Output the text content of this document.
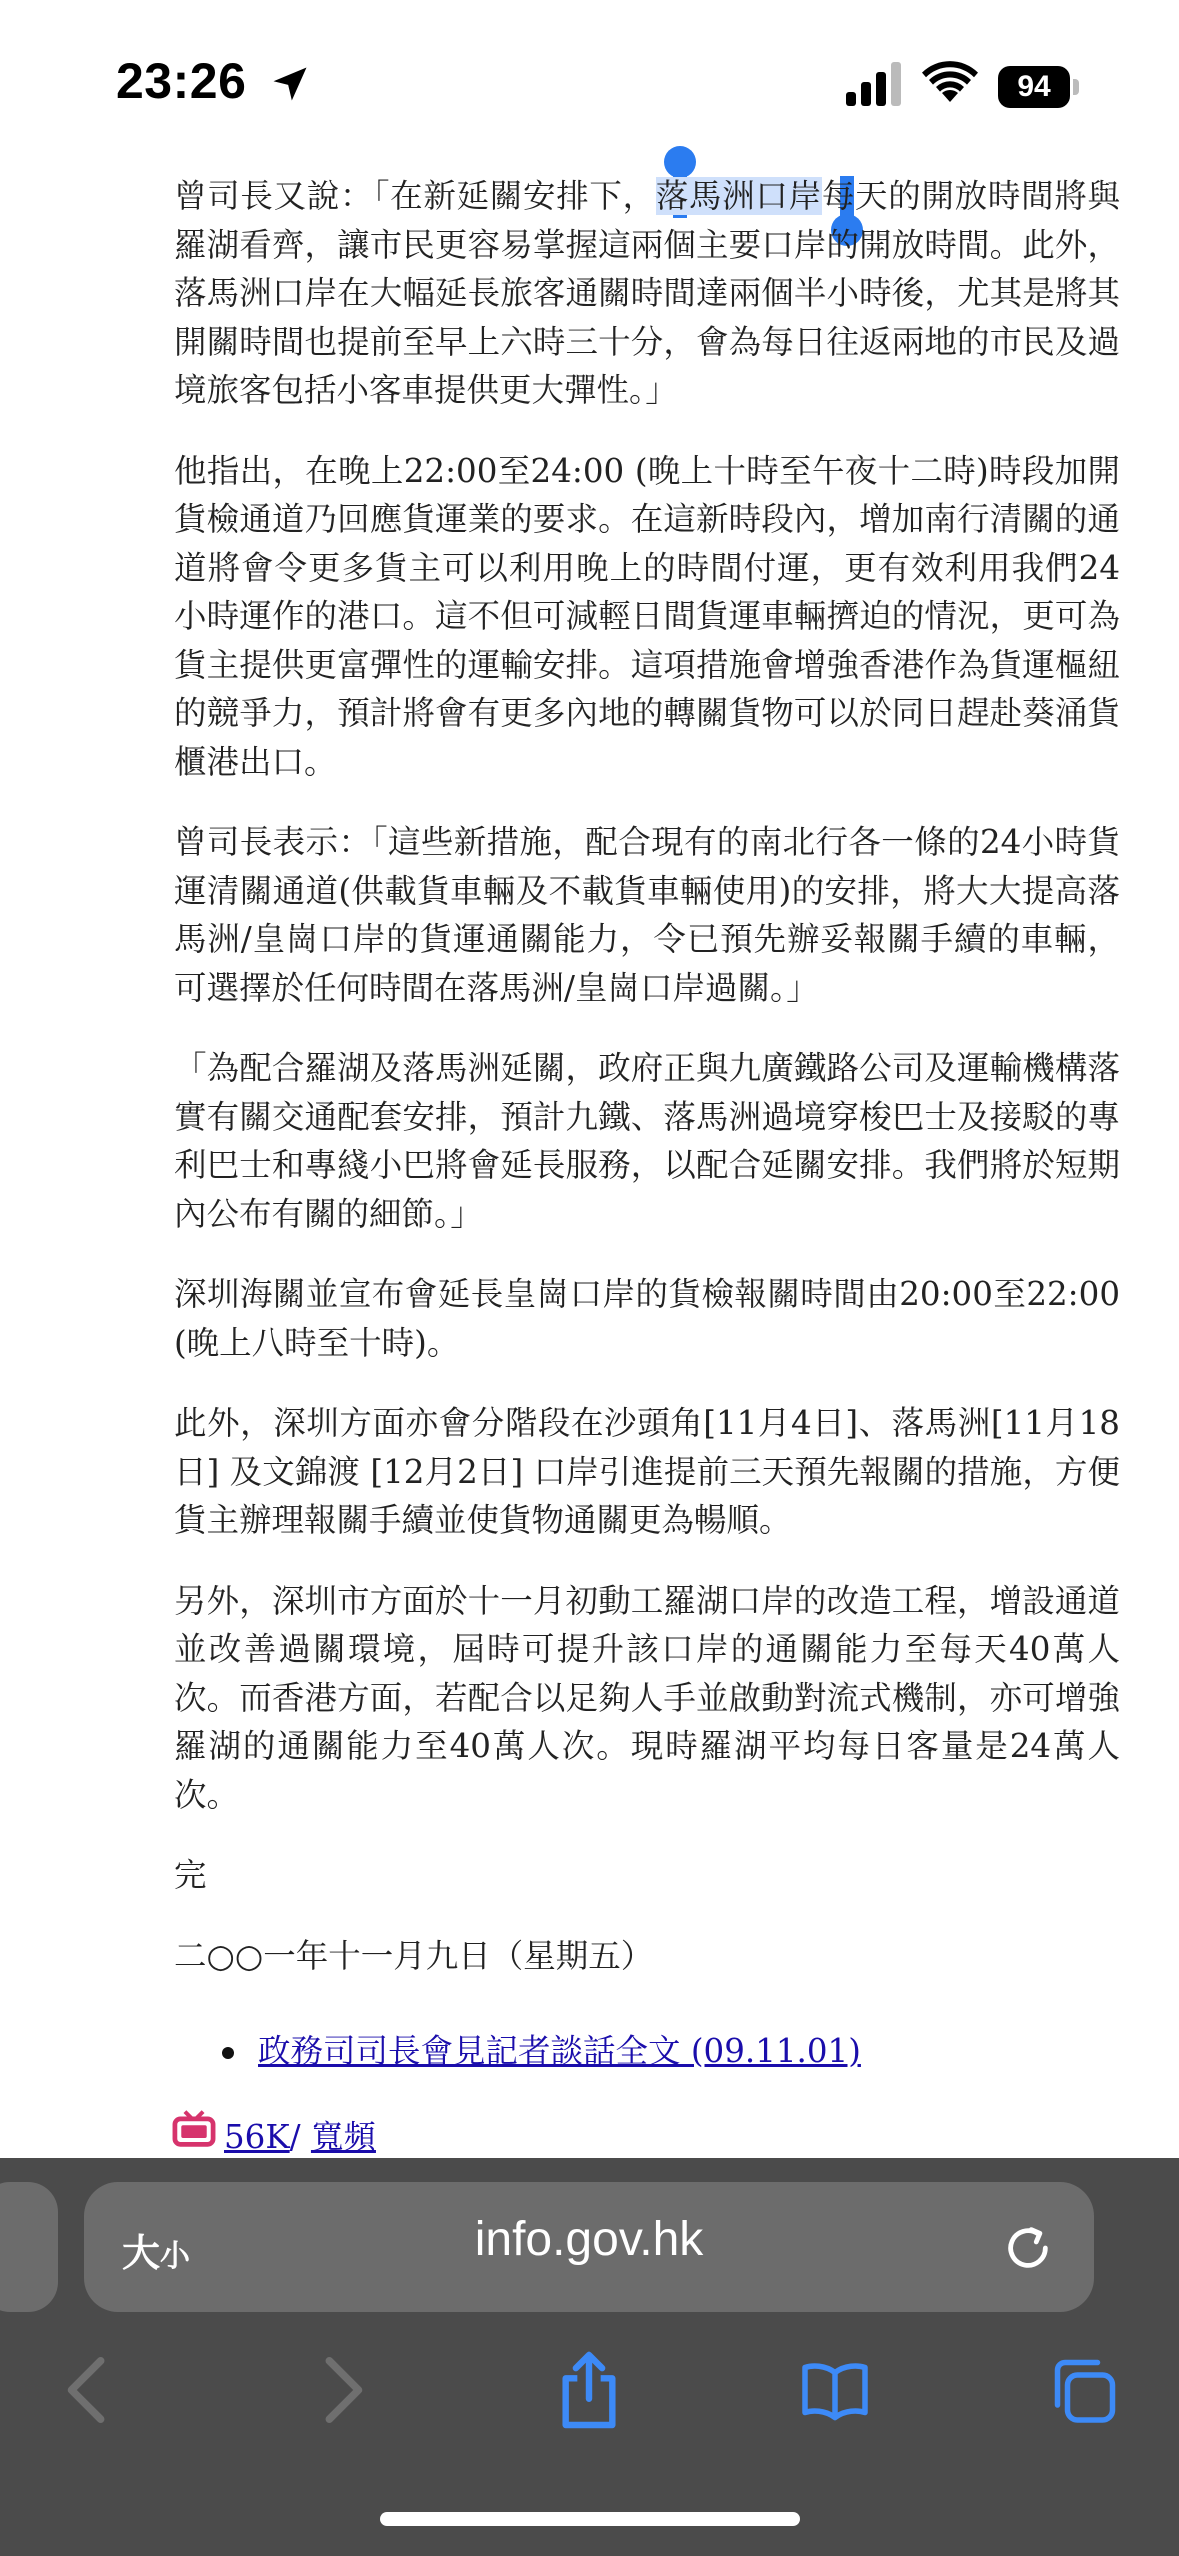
23:26	94

曾司長又說：「在新延關安排下，落馬洲口岸每天的開放時間將與羅湖看齊，讓市民更容易掌握這兩個主要口岸的開放時間。此外，落馬洲口岸在大幅延長旅客通關時間達兩個半小時後，尤其是將其開關時間也提前至早上六時三十分，會為每日往返兩地的市民及過境旅客包括小客車提供更大彈性。」

他指出，在晚上22:00至24:00 (晚上十時至午夜十二時)時段加開貨檢通道乃回應貨運業的要求。在這新時段內，增加南行清關的通道將會令更多貨主可以利用晚上的時間付運，更有效利用我們24小時運作的港口。這不但可減輕日間貨運車輛擠迫的情況，更可為貨主提供更富彈性的運輸安排。這項措施會增強香港作為貨運樞紐的競爭力，預計將會有更多內地的轉關貨物可以於同日趕赴葵涌貨櫃港出口。

曾司長表示：「這些新措施，配合現有的南北行各一條的24小時貨運清關通道(供載貨車輛及不載貨車輛使用)的安排，將大大提高落馬洲/皇崗口岸的貨運通關能力，令已預先辦妥報關手續的車輛，可選擇於任何時間在落馬洲/皇崗口岸過關。」

「為配合羅湖及落馬洲延關，政府正與九廣鐵路公司及運輸機構落實有關交通配套安排，預計九鐵、落馬洲過境穿梭巴士及接駁的專利巴士和專綫小巴將會延長服務，以配合延關安排。我們將於短期內公布有關的細節。」

深圳海關並宣布會延長皇崗口岸的貨檢報關時間由20:00至22:00 (晚上八時至十時)。

此外，深圳方面亦會分階段在沙頭角[11月4日]、落馬洲[11月18日] 及文錦渡 [12月2日] 口岸引進提前三天預先報關的措施，方便貨主辦理報關手續並使貨物通關更為暢順。

另外，深圳市方面於十一月初動工羅湖口岸的改造工程，增設通道並改善過關環境，屆時可提升該口岸的通關能力至每天40萬人次。而香港方面，若配合以足夠人手並啟動對流式機制，亦可增強羅湖的通關能力至40萬人次。現時羅湖平均每日客量是24萬人次。

完

二○○一年十一月九日（星期五）

政務司司長會見記者談話全文 (09.11.01)
56K/ 寬頻
大小	info.gov.hk
